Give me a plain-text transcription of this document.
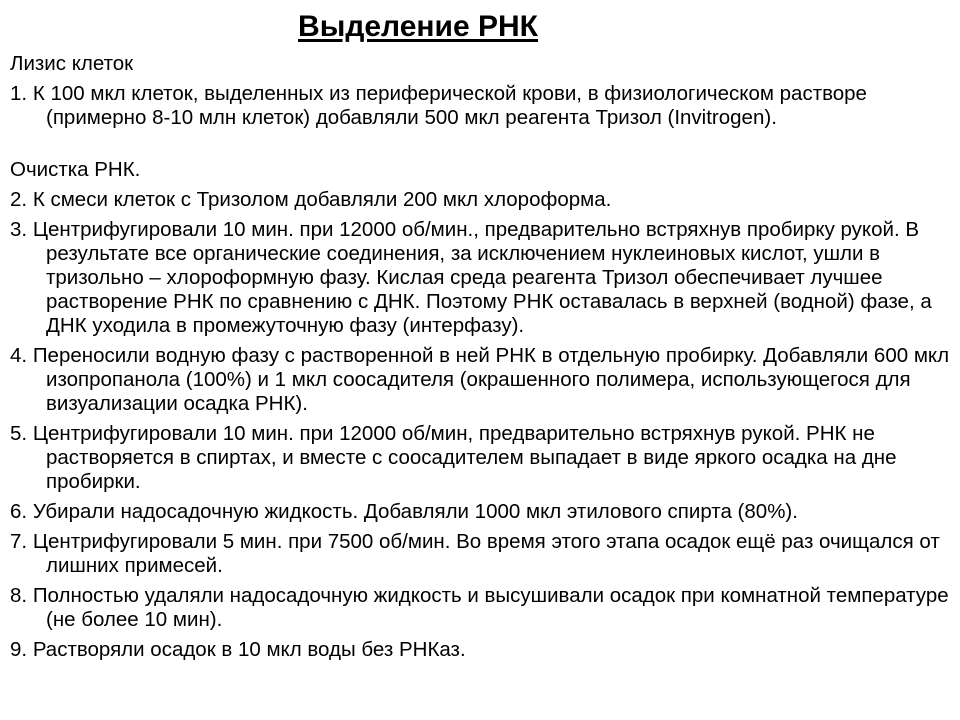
Выделение РНК

Лизис клеток

1. К 100 мкл клеток, выделенных из периферической крови, в физиологическом растворе (примерно 8-10 млн клеток) добавляли 500 мкл реагента Тризол (Invitrogen).

Очистка РНК.

2. К смеси клеток с Тризолом добавляли 200 мкл хлороформа.

3. Центрифугировали 10 мин. при 12000 об/мин., предварительно встряхнув пробирку рукой. В результате все органические соединения, за исключением нуклеиновых кислот, ушли в тризольно – хлороформную фазу. Кислая среда реагента Тризол обеспечивает лучшее растворение РНК по сравнению с ДНК. Поэтому РНК оставалась в верхней (водной) фазе, а ДНК уходила в промежуточную фазу (интерфазу).

4. Переносили водную фазу с растворенной в ней РНК в отдельную пробирку. Добавляли 600 мкл изопропанола (100%) и 1 мкл соосадителя (окрашенного полимера, использующегося для визуализации осадка РНК).

5. Центрифугировали 10 мин. при 12000 об/мин, предварительно встряхнув рукой. РНК не растворяется в спиртах, и вместе с соосадителем выпадает в виде яркого осадка на дне пробирки.

6. Убирали надосадочную жидкость. Добавляли 1000 мкл этилового спирта (80%).

7. Центрифугировали 5 мин. при 7500 об/мин. Во время этого этапа осадок ещё раз очищался от лишних примесей.

8. Полностью удаляли надосадочную жидкость и высушивали осадок при комнатной температуре (не более 10 мин).

9. Растворяли осадок в 10 мкл воды без РНКаз.
